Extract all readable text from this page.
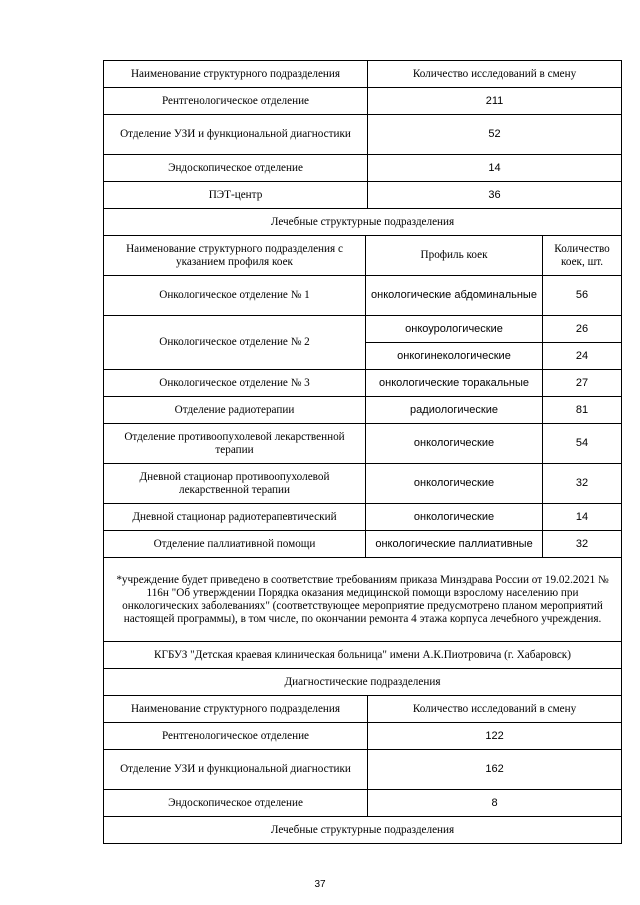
Наименование структурного подразделения		Количество исследований в смену	
Рентгенологическое отделение		211	
Отделение УЗИ и функциональной диагностики		52	
Эндоскопическое отделение		14	
ПЭТ-центр		36	
Лечебные структурные подразделения			
Наименование структурного подразделения с указанием профиля коек	Профиль коек		Количество коек, шт.
Онкологическое отделение № 1	онкологические абдоминальные		56
Онкологическое отделение № 2	онкоурологические		26
	онкогинекологические		24
Онкологическое отделение № 3	онкологические торакальные		27
Отделение радиотерапии	радиологические		81
Отделение противоопухолевой лекарственной терапии	онкологические		54
Дневной стационар противоопухолевой лекарственной терапии	онкологические		32
Дневной стационар радиотерапевтический	онкологические		14
Отделение паллиативной помощи	онкологические паллиативные		32
*учреждение будет приведено в соответствие требованиям приказа Минздрава России от 19.02.2021 № 116н "Об утверждении Порядка оказания медицинской помощи взрослому населению при онкологических заболеваниях" (соответствующее мероприятие предусмотрено планом мероприятий настоящей программы), в том числе, по окончании ремонта 4 этажа корпуса лечебного учреждения.			
КГБУЗ "Детская краевая клиническая больница" имени А.К.Пиотровича (г. Хабаровск)			
Диагностические подразделения			
Наименование структурного подразделения		Количество исследований в смену	
Рентгенологическое отделение		122	
Отделение УЗИ и функциональной диагностики		162	
Эндоскопическое отделение		8	
Лечебные структурные подразделения			
37
